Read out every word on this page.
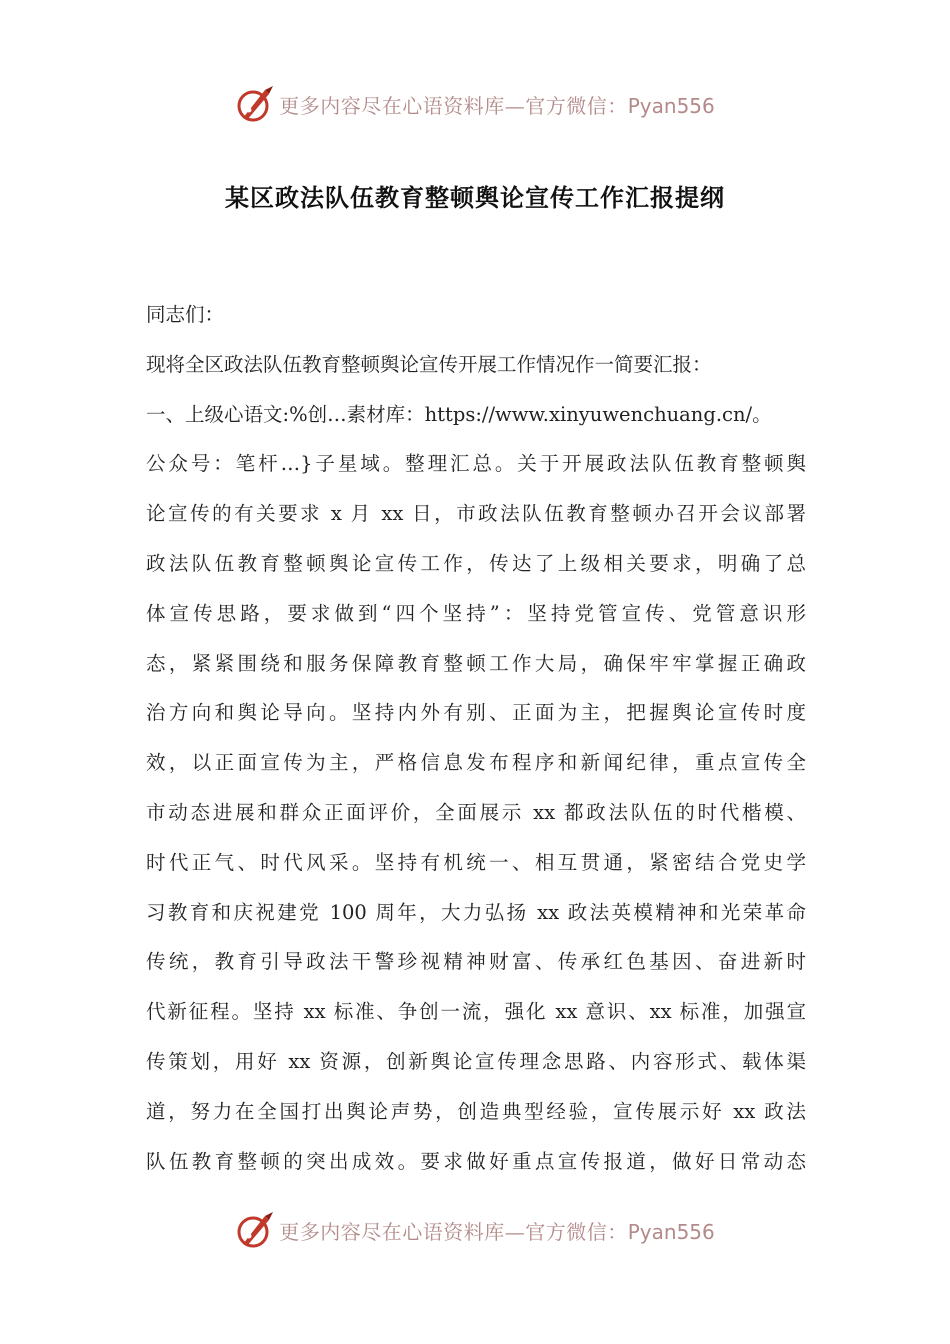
更多内容尽在心语资料库—官方微信：Pyan556
某区政法队伍教育整顿舆论宣传工作汇报提纲
同志们：
现将全区政法队伍教育整顿舆论宣传开展工作情况作一简要汇报：
一、上级心语文:%创…素材库：https://www.xinyuwenchuang.cn/。
公众号：笔杆…}子星域。整理汇总。关于开展政法队伍教育整顿舆
论宣传的有关要求 x 月 xx 日，市政法队伍教育整顿办召开会议部署
政法队伍教育整顿舆论宣传工作，传达了上级相关要求，明确了总
体宣传思路，要求做到“四个坚持”：坚持党管宣传、党管意识形
态，紧紧围绕和服务保障教育整顿工作大局，确保牢牢掌握正确政
治方向和舆论导向。坚持内外有别、正面为主，把握舆论宣传时度
效，以正面宣传为主，严格信息发布程序和新闻纪律，重点宣传全
市动态进展和群众正面评价，全面展示 xx 都政法队伍的时代楷模、
时代正气、时代风采。坚持有机统一、相互贯通，紧密结合党史学
习教育和庆祝建党 100 周年，大力弘扬 xx 政法英模精神和光荣革命
传统，教育引导政法干警珍视精神财富、传承红色基因、奋进新时
代新征程。坚持 xx 标准、争创一流，强化 xx 意识、xx 标准，加强宣
传策划，用好 xx 资源，创新舆论宣传理念思路、内容形式、载体渠
道，努力在全国打出舆论声势，创造典型经验，宣传展示好 xx 政法
队伍教育整顿的突出成效。要求做好重点宣传报道，做好日常动态
更多内容尽在心语资料库—官方微信：Pyan556
